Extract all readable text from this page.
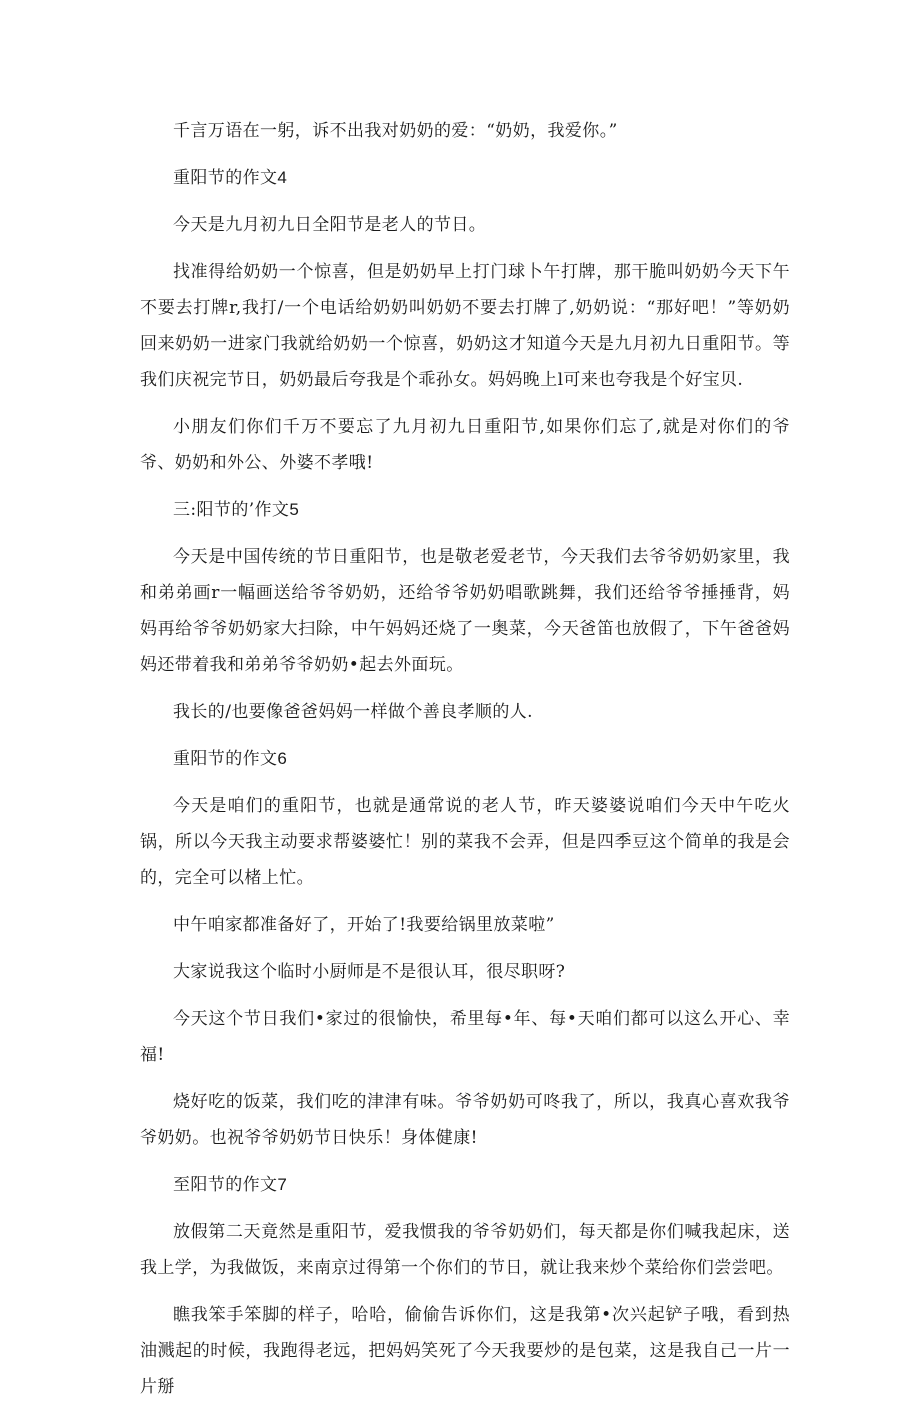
千言万语在一躬，诉不出我对奶奶的爱：“奶奶，我爱你。”

重阳节的作文4

今天是九月初九日全阳节是老人的节日。

找准得给奶奶一个惊喜，但是奶奶早上打门球卜午打牌，那干脆叫奶奶今天下午不要去打牌r,我打/一个电话给奶奶叫奶奶不要去打牌了,奶奶说：“那好吧！”等奶奶回来奶奶一进家门我就给奶奶一个惊喜，奶奶这才知道今天是九月初九日重阳节。等我们庆祝完节日，奶奶最后夸我是个乖孙女。妈妈晚上l可来也夸我是个好宝贝.

小朋友们你们千万不要忘了九月初九日重阳节,如果你们忘了,就是对你们的爷爷、奶奶和外公、外婆不孝哦!

三:阳节的’作文5

今天是中国传统的节日重阳节，也是敬老爱老节，今天我们去爷爷奶奶家里，我和弟弟画r一幅画送给爷爷奶奶，还给爷爷奶奶唱歌跳舞，我们还给爷爷捶捶背，妈妈再给爷爷奶奶家大扫除，中午妈妈还烧了一奥菜，今天爸笛也放假了，下午爸爸妈妈还带着我和弟弟爷爷奶奶•起去外面玩。

我长的/也要像爸爸妈妈一样做个善良孝顺的人.

重阳节的作文6

今天是咱们的重阳节，也就是通常说的老人节，昨天婆婆说咱们今天中午吃火锅，所以今天我主动要求帮婆婆忙！别的菜我不会弄，但是四季豆这个简单的我是会的，完全可以楮上忙。

中午咱家都准备好了，开始了!我要给锅里放菜啦”

大家说我这个临时小厨师是不是很认耳，很尽职呀?

今天这个节日我们•家过的很愉快，希里每•年、每•天咱们都可以这么开心、幸福!

烧好吃的饭菜，我们吃的津津有味。爷爷奶奶可咚我了，所以，我真心喜欢我爷爷奶奶。也祝爷爷奶奶节日快乐！身体健康!

至阳节的作文7

放假第二天竟然是重阳节，爱我惯我的爷爷奶奶们，每天都是你们喊我起床，送我上学，为我做饭，来南京过得第一个你们的节日，就让我来炒个菜给你们尝尝吧。

瞧我笨手笨脚的样子，哈哈，偷偷告诉你们，这是我第•次兴起铲子哦，看到热油溅起的时候，我跑得老远，把妈妈笑死了今天我要炒的是包菜，这是我自己一片一片掰
